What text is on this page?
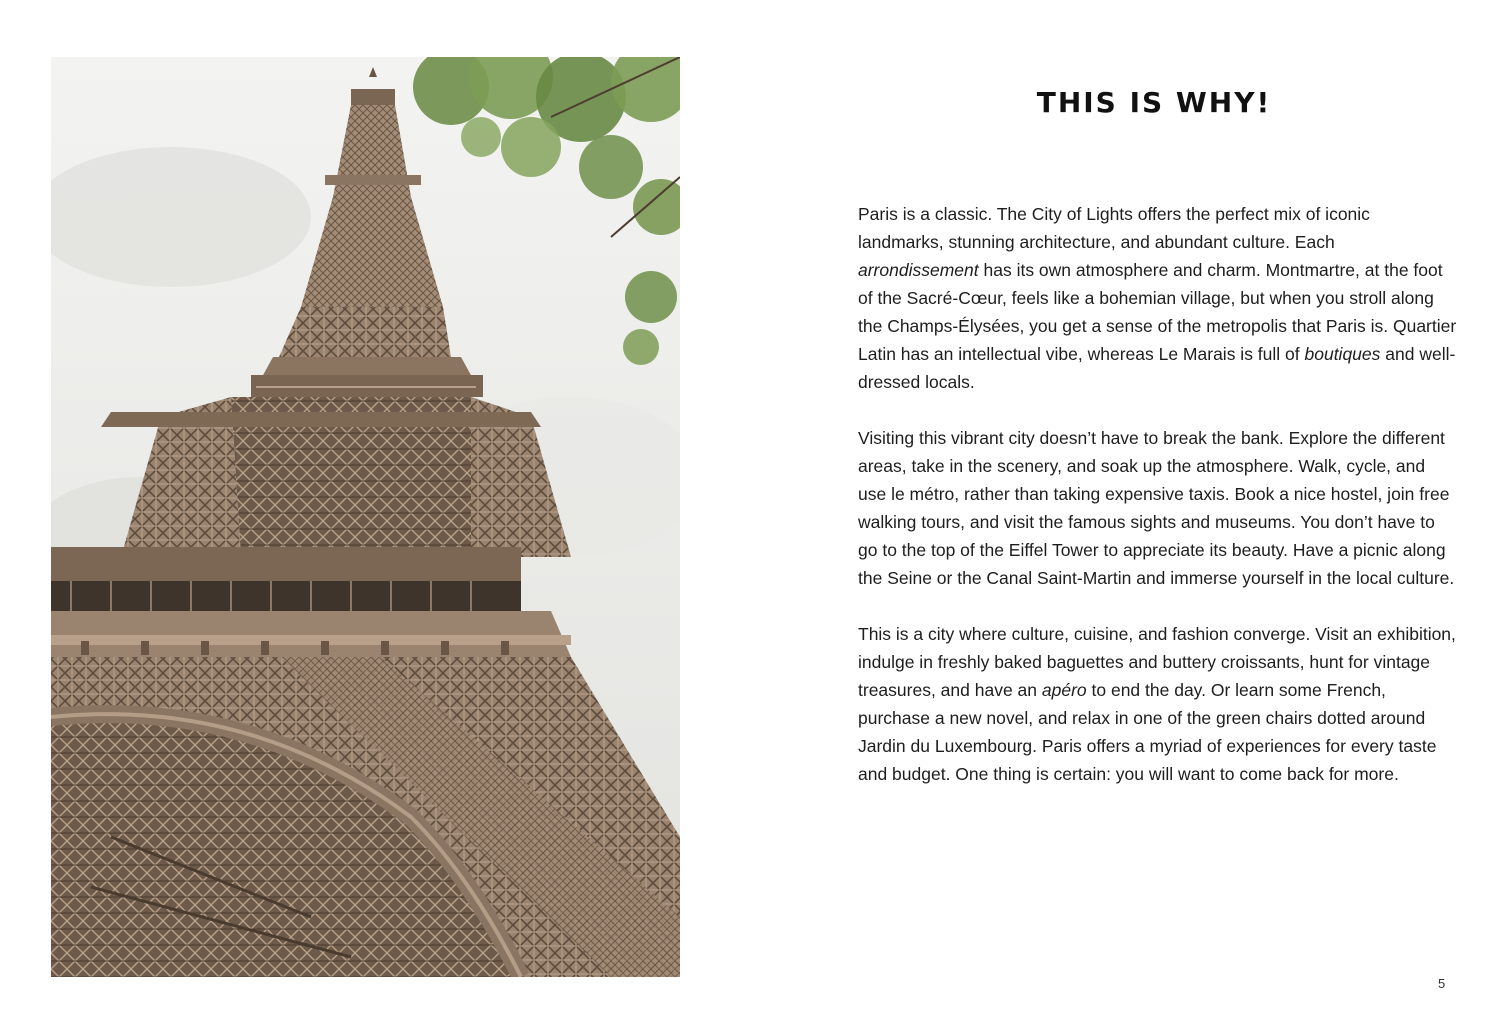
THIS IS WHY!

Paris is a classic. The City of Lights offers the perfect mix of iconic landmarks, stunning architecture, and abundant culture. Each arrondissement has its own atmosphere and charm. Montmartre, at the foot of the Sacré-Cœur, feels like a bohemian village, but when you stroll along the Champs-Élysées, you get a sense of the metropolis that Paris is. Quartier Latin has an intellectual vibe, whereas Le Marais is full of boutiques and well-dressed locals.

Visiting this vibrant city doesn’t have to break the bank. Explore the different areas, take in the scenery, and soak up the atmosphere. Walk, cycle, and use le métro, rather than taking expensive taxis. Book a nice hostel, join free walking tours, and visit the famous sights and museums. You don’t have to go to the top of the Eiffel Tower to appreciate its beauty. Have a picnic along the Seine or the Canal Saint-Martin and immerse yourself in the local culture.

This is a city where culture, cuisine, and fashion converge. Visit an exhibition, indulge in freshly baked baguettes and buttery croissants, hunt for vintage treasures, and have an apéro to end the day. Or learn some French, purchase a new novel, and relax in one of the green chairs dotted around Jardin du Luxembourg. Paris offers a myriad of experiences for every taste and budget. One thing is certain: you will want to come back for more.

5
